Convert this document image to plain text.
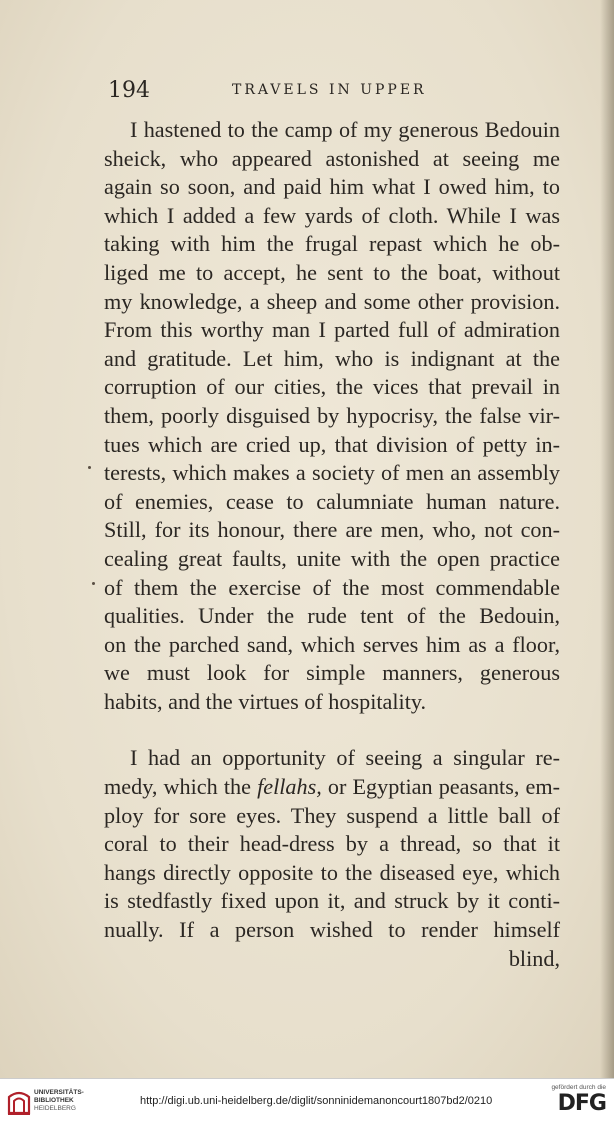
194	TRAVELS IN UPPER
I hastened to the camp of my generous Bedouin
sheick, who appeared astonished at seeing me
again so soon, and paid him what I owed him, to
which I added a few yards of cloth. While I was
taking with him the frugal repast which he ob-
liged me to accept, he sent to the boat, without
my knowledge, a sheep and some other provision.
From this worthy man I parted full of admiration
and gratitude. Let him, who is indignant at the
corruption of our cities, the vices that prevail in
them, poorly disguised by hypocrisy, the false vir-
tues which are cried up, that division of petty in-
terests, which makes a society of men an assembly
of enemies, cease to calumniate human nature.
Still, for its honour, there are men, who, not con-
cealing great faults, unite with the open practice
of them the exercise of the most commendable
qualities. Under the rude tent of the Bedouin,
on the parched sand, which serves him as a floor,
we must look for simple manners, generous
habits, and the virtues of hospitality.
I had an opportunity of seeing a singular re-
medy, which the fellahs, or Egyptian peasants, em-
ploy for sore eyes. They suspend a little ball of
coral to their head-dress by a thread, so that it
hangs directly opposite to the diseased eye, which
is stedfastly fixed upon it, and struck by it conti-
nually. If a person wished to render himself
blind,
UNIVERSITÄTS-
BIBLIOTHEK
HEIDELBERG
http://digi.ub.uni-heidelberg.de/diglit/sonninidemanoncourt1807bd2/0210
gefördert durch die
DFG
